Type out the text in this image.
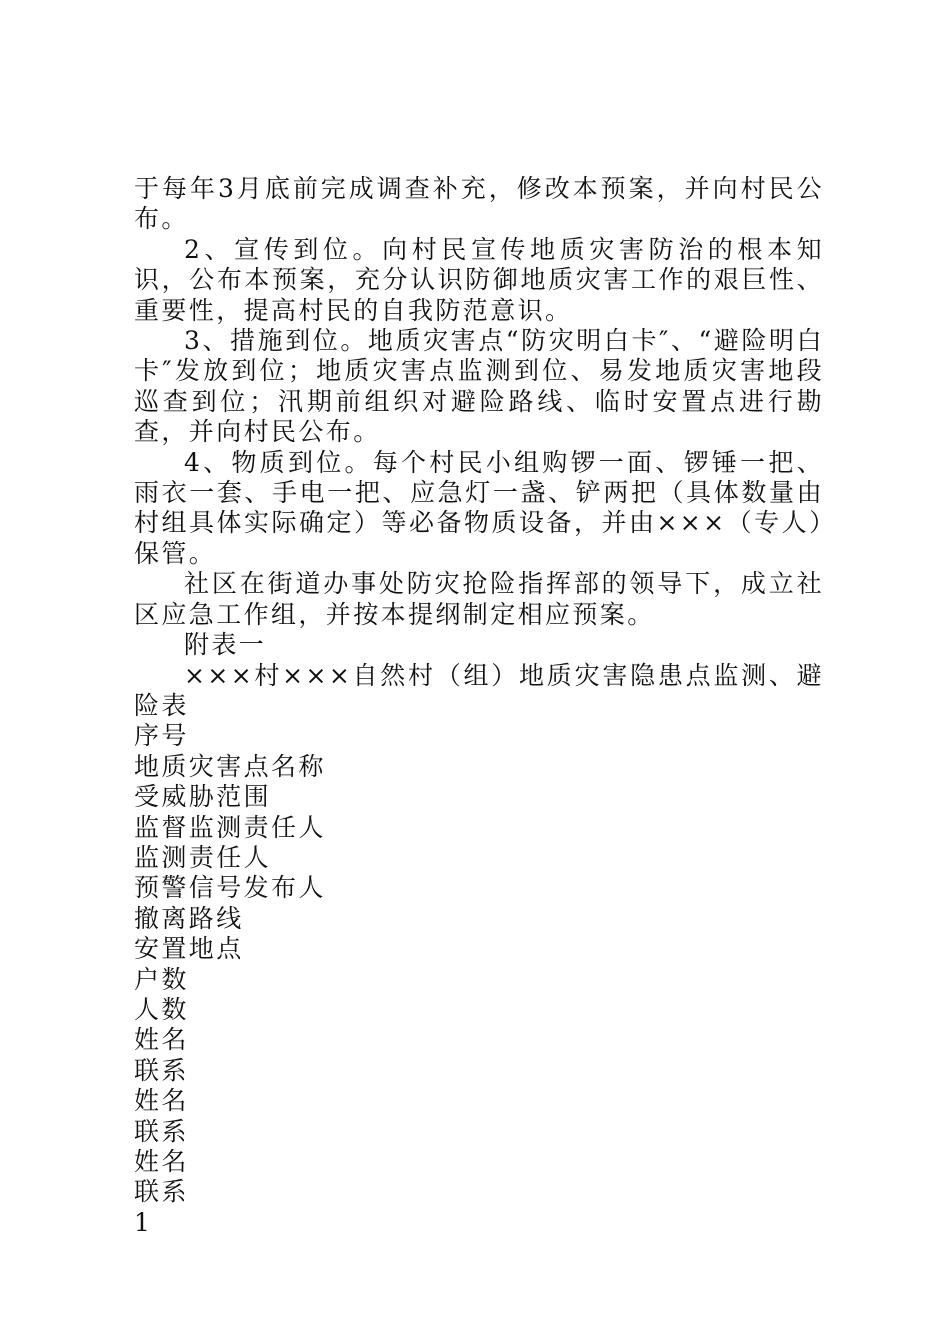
于每年3月底前完成调查补充，修改本预案，并向村民公布。

2、宣传到位。向村民宣传地质灾害防治的根本知识，公布本预案，充分认识防御地质灾害工作的艰巨性、重要性，提高村民的自我防范意识。

3、措施到位。地质灾害点“防灾明白卡″、“避险明白卡″发放到位；地质灾害点监测到位、易发地质灾害地段巡查到位；汛期前组织对避险路线、临时安置点进行勘查，并向村民公布。

4、物质到位。每个村民小组购锣一面、锣锤一把、雨衣一套、手电一把、应急灯一盏、铲两把（具体数量由村组具体实际确定）等必备物质设备，并由×××（专人）保管。

社区在街道办事处防灾抢险指挥部的领导下，成立社区应急工作组，并按本提纲制定相应预案。

附表一

×××村×××自然村（组）地质灾害隐患点监测、避险表

序号

地质灾害点名称

受威胁范围

监督监测责任人

监测责任人

预警信号发布人

撤离路线

安置地点

户数

人数

姓名

联系

姓名

联系

姓名

联系

1
